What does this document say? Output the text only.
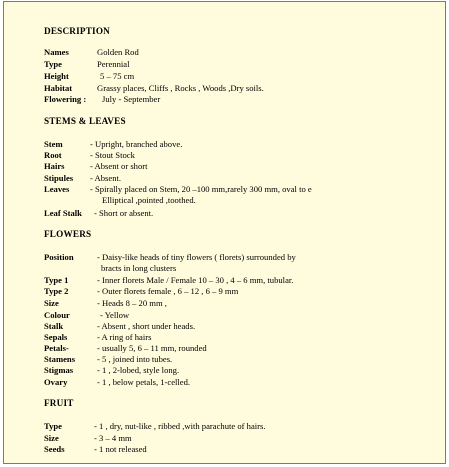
DESCRIPTION
Names	Golden Rod
Type	Perennial
Height	5 – 75 cm
Habitat	Grassy places, Cliffs , Rocks , Woods ,Dry soils.
Flowering : July - September
STEMS & LEAVES
Stem	- Upright, branched above.
Root	- Stout Stock
Hairs	- Absent or short
Stipules - Absent.
Leaves - Spirally placed on Stem, 20 –100 mm,rarely 300 mm, oval to e
Elliptical ,pointed ,toothed.
Leaf Stalk - Short or absent.
FLOWERS
Position	- Daisy-like heads of tiny flowers ( florets) surrounded by
bracts in long clusters
Type 1	- Inner florets Male / Female 10 – 30 , 4 – 6 mm, tubular.
Type 2	- Outer florets female , 6 – 12 , 6 – 9 mm
Size	- Heads 8 – 20 mm ,
Colour	- Yellow
Stalk	- Absent , short under heads.
Sepals	- A ring of hairs
Petals-	- usually 5, 6 – 11 mm, rounded
Stamens	- 5 , joined into tubes.
Stigmas	- 1 , 2-lobed, style long.
Ovary	- 1 , below petals, 1-celled.
FRUIT
Type	- 1 , dry, nut-like , ribbed ,with parachute of hairs.
Size	- 3 – 4 mm
Seeds	- 1 not released
